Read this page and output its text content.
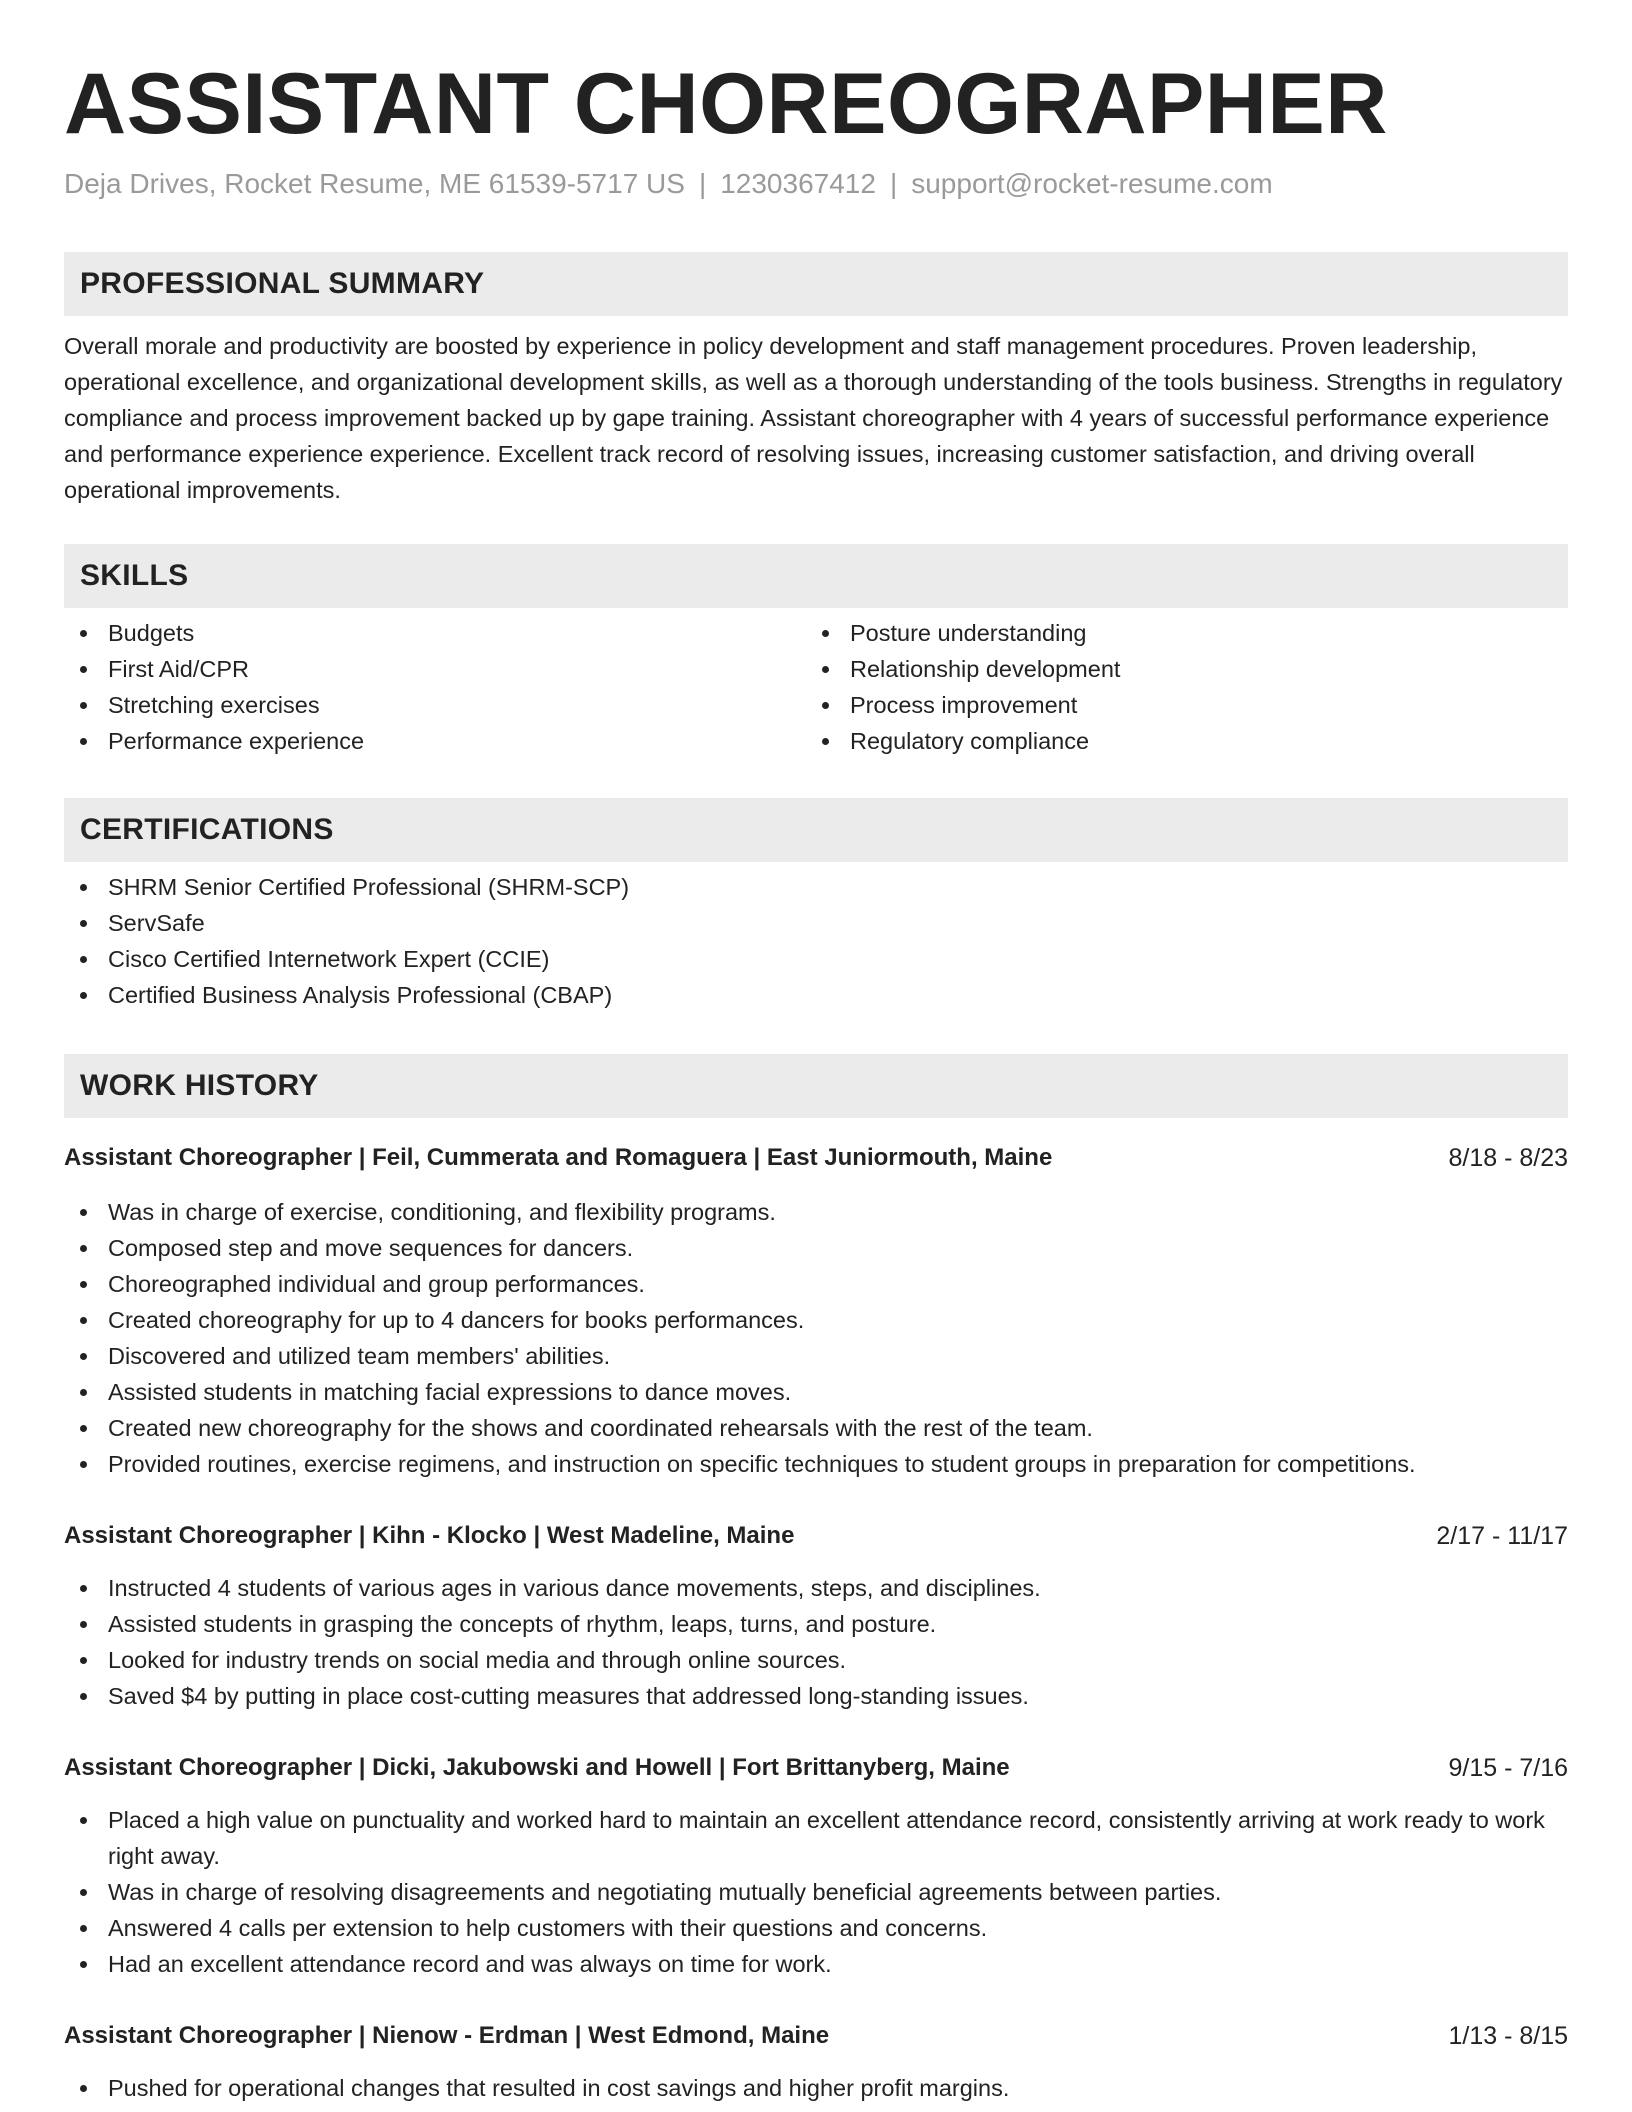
ASSISTANT CHOREOGRAPHER
Deja Drives, Rocket Resume, ME 61539-5717 US | 1230367412 | support@rocket-resume.com
PROFESSIONAL SUMMARY

Overall morale and productivity are boosted by experience in policy development and staff management procedures. Proven leadership, operational excellence, and organizational development skills, as well as a thorough understanding of the tools business. Strengths in regulatory compliance and process improvement backed up by gape training. Assistant choreographer with 4 years of successful performance experience and performance experience experience. Excellent track record of resolving issues, increasing customer satisfaction, and driving overall operational improvements.

SKILLS
Budgets
First Aid/CPR
Stretching exercises
Performance experience
Posture understanding
Relationship development
Process improvement
Regulatory compliance
CERTIFICATIONS
SHRM Senior Certified Professional (SHRM-SCP)
ServSafe
Cisco Certified Internetwork Expert (CCIE)
Certified Business Analysis Professional (CBAP)
WORK HISTORY
Assistant Choreographer | Feil, Cummerata and Romaguera | East Juniormouth, Maine	8/18 - 8/23
Was in charge of exercise, conditioning, and flexibility programs.
Composed step and move sequences for dancers.
Choreographed individual and group performances.
Created choreography for up to 4 dancers for books performances.
Discovered and utilized team members' abilities.
Assisted students in matching facial expressions to dance moves.
Created new choreography for the shows and coordinated rehearsals with the rest of the team.
Provided routines, exercise regimens, and instruction on specific techniques to student groups in preparation for competitions.
Assistant Choreographer | Kihn - Klocko | West Madeline, Maine	2/17 - 11/17
Instructed 4 students of various ages in various dance movements, steps, and disciplines.
Assisted students in grasping the concepts of rhythm, leaps, turns, and posture.
Looked for industry trends on social media and through online sources.
Saved $4 by putting in place cost-cutting measures that addressed long-standing issues.
Assistant Choreographer | Dicki, Jakubowski and Howell | Fort Brittanyberg, Maine	9/15 - 7/16
Placed a high value on punctuality and worked hard to maintain an excellent attendance record, consistently arriving at work ready to work right away.
Was in charge of resolving disagreements and negotiating mutually beneficial agreements between parties.
Answered 4 calls per extension to help customers with their questions and concerns.
Had an excellent attendance record and was always on time for work.
Assistant Choreographer | Nienow - Erdman | West Edmond, Maine	1/13 - 8/15
Pushed for operational changes that resulted in cost savings and higher profit margins.
